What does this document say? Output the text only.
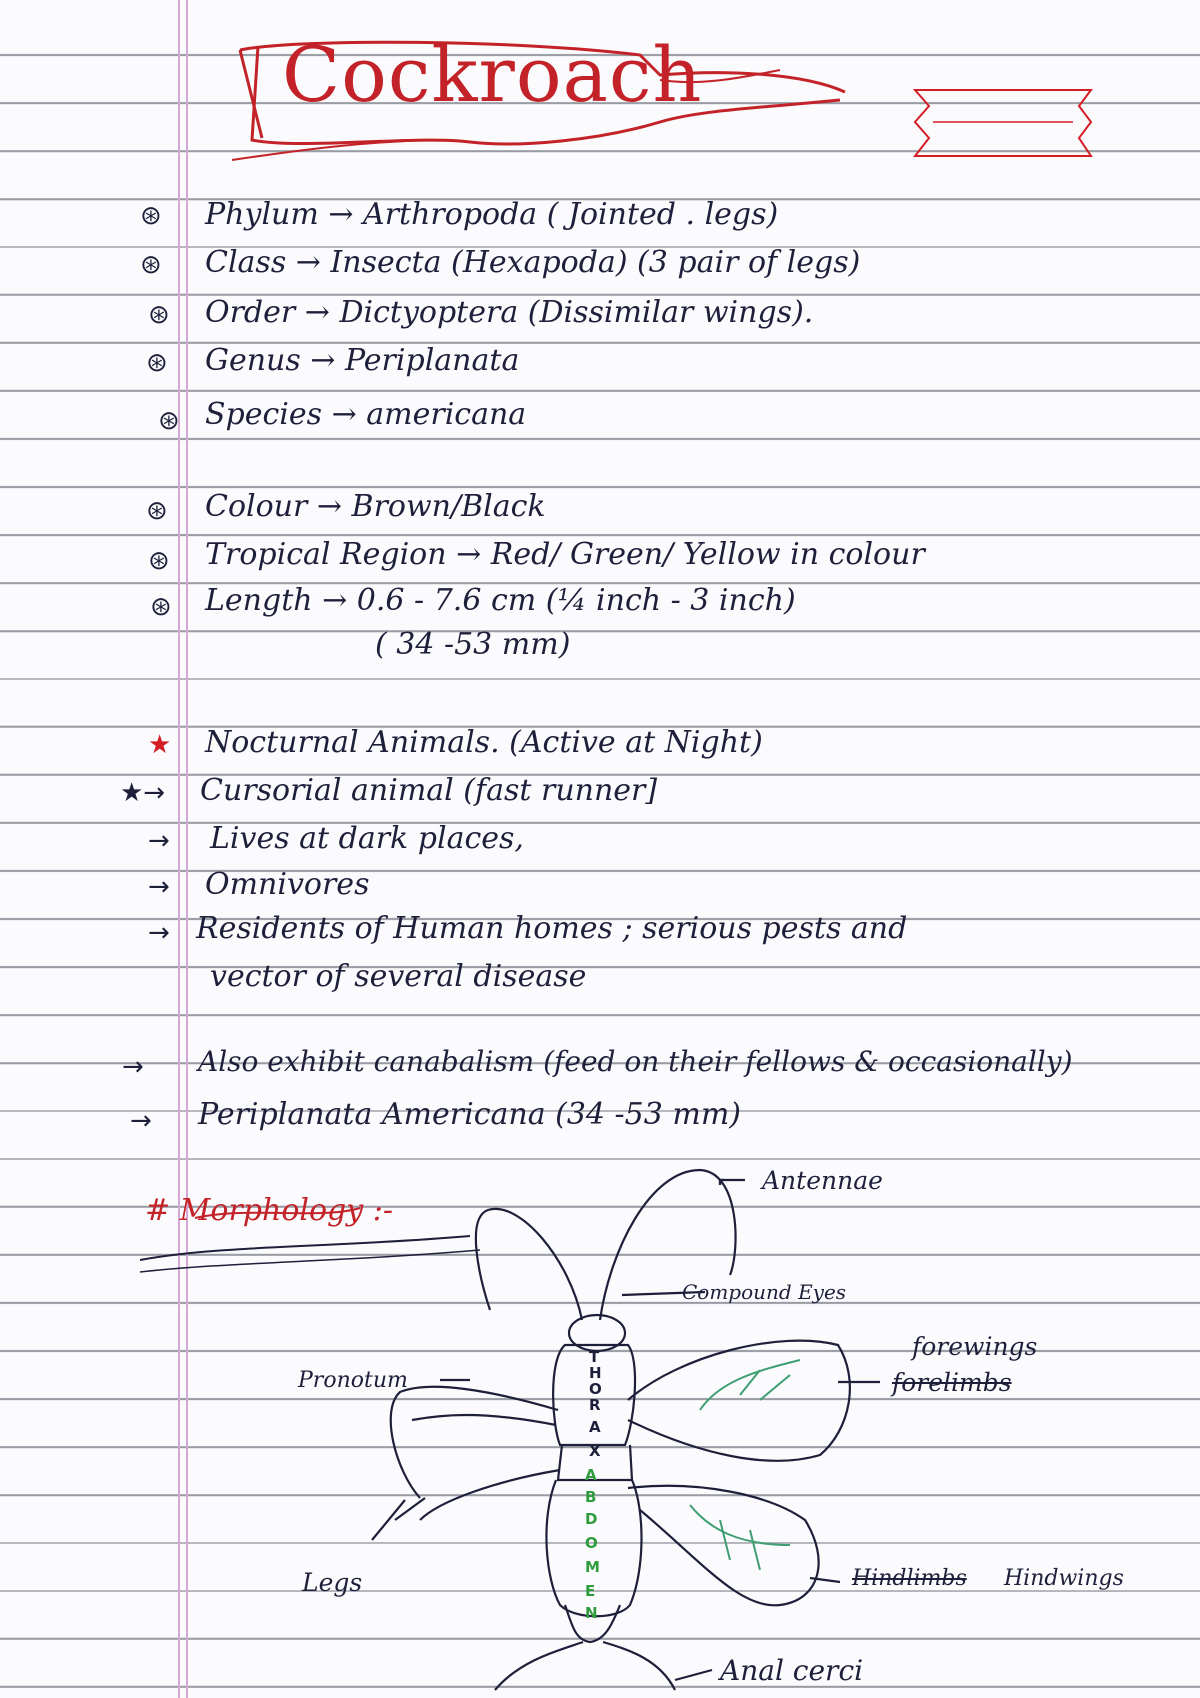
Cockroach
⊛ Phylum → Arthropoda ( Jointed . legs)
⊛ Class → Insecta (Hexapoda) (3 pair of legs)
⊛ Order → Dictyoptera (Dissimilar wings).
⊛ Genus → Periplanata
⊛ Species → americana
⊛ Colour → Brown/Black
⊛ Tropical Region → Red/ Green/ Yellow in colour
⊛ Length → 0.6 - 7.6 cm (¼ inch - 3 inch)
( 34 -53 mm)
★ Nocturnal Animals. (Active at Night)
★→ Cursorial animal (fast runner]
→ Lives at dark places,
→ Omnivores
→ Residents of Human homes ; serious pests and
vector of several disease
→ Also exhibit canabalism (feed on their fellows & occasionally)
→ Periplanata Americana (34 -53 mm)
# Morphology :-
Antennae
Compound Eyes
forewings
forelimbs
Pronotum
Legs	Hindlimbs Hindwings
Anal cerci
T
H
O
R
A
X
A
B
D
O
M
E
N
